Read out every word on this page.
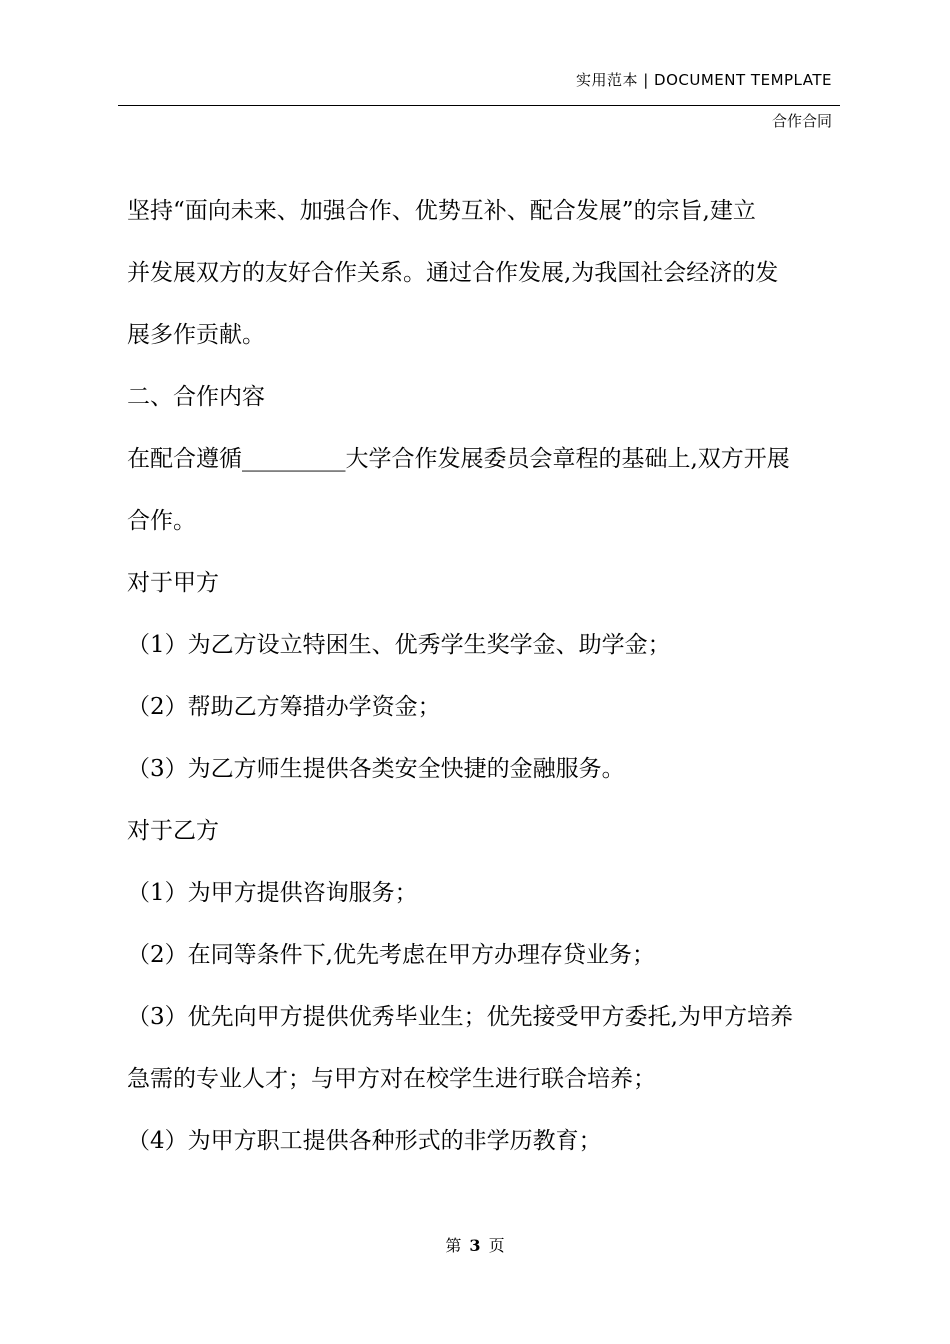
实用范本 | DOCUMENT TEMPLATE
合作合同

坚持“面向未来、加强合作、优势互补、配合发展”的宗旨,建立

并发展双方的友好合作关系。通过合作发展,为我国社会经济的发

展多作贡献。

二、合作内容

在配合遵循_________大学合作发展委员会章程的基础上,双方开展

合作。

对于甲方

（1）为乙方设立特困生、优秀学生奖学金、助学金；

（2）帮助乙方筹措办学资金；

（3）为乙方师生提供各类安全快捷的金融服务。

对于乙方

（1）为甲方提供咨询服务；

（2）在同等条件下,优先考虑在甲方办理存贷业务；

（3）优先向甲方提供优秀毕业生；优先接受甲方委托,为甲方培养

急需的专业人才；与甲方对在校学生进行联合培养；

（4）为甲方职工提供各种形式的非学历教育；

第 3 页
